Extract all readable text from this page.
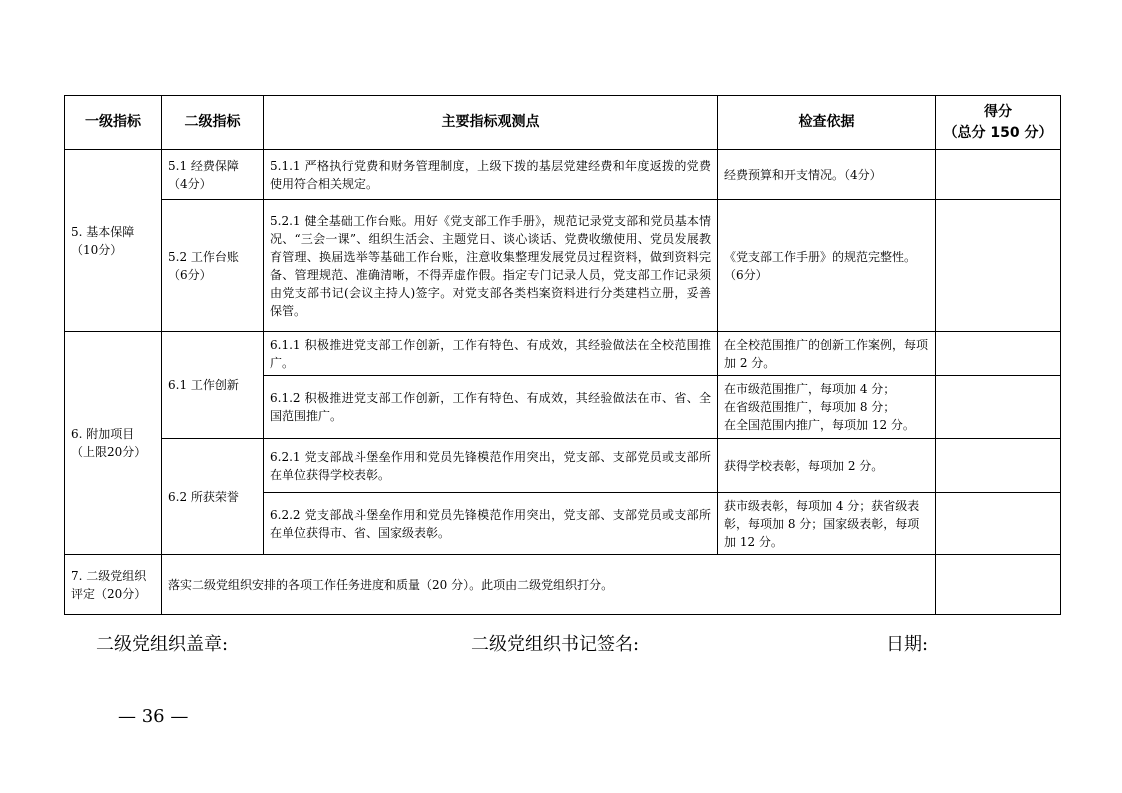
一级指标	二级指标	主要指标观测点	检查依据	得分
（总分 150 分）

5. 基本保障（10分）	5.1 经费保障（4分）	5.1.1 严格执行党费和财务管理制度，上级下拨的基层党建经费和年度返拨的党费使用符合相关规定。	经费预算和开支情况。（4分）	
	5.2 工作台账（6分）	5.2.1 健全基础工作台账。用好《党支部工作手册》，规范记录党支部和党员基本情况、“三会一课”、组织生活会、主题党日、谈心谈话、党费收缴使用、党员发展教育管理、换届选举等基础工作台账，注意收集整理发展党员过程资料，做到资料完备、管理规范、准确清晰，不得弄虚作假。指定专门记录人员，党支部工作记录须由党支部书记(会议主持人)签字。对党支部各类档案资料进行分类建档立册，妥善保管。	《党支部工作手册》的规范完整性。（6分）	
6. 附加项目（上限20分）	6.1 工作创新	6.1.1 积极推进党支部工作创新，工作有特色、有成效，其经验做法在全校范围推广。	在全校范围推广的创新工作案例，每项加 2 分。	
		6.1.2 积极推进党支部工作创新，工作有特色、有成效，其经验做法在市、省、全国范围推广。	在市级范围推广，每项加 4 分；
在省级范围推广，每项加 8 分；
在全国范围内推广，每项加 12 分。	

	6.2 所获荣誉	6.2.1 党支部战斗堡垒作用和党员先锋模范作用突出，党支部、支部党员或支部所在单位获得学校表彰。	获得学校表彰，每项加 2 分。	
		6.2.2 党支部战斗堡垒作用和党员先锋模范作用突出，党支部、支部党员或支部所在单位获得市、省、国家级表彰。	获市级表彰，每项加 4 分；获省级表彰，每项加 8 分；国家级表彰，每项加 12 分。	
7. 二级党组织评定（20分）	落实二级党组织安排的各项工作任务进度和质量（20 分）。此项由二级党组织打分。			
二级党组织盖章:	二级党组织书记签名:	日期:
— 36 —
